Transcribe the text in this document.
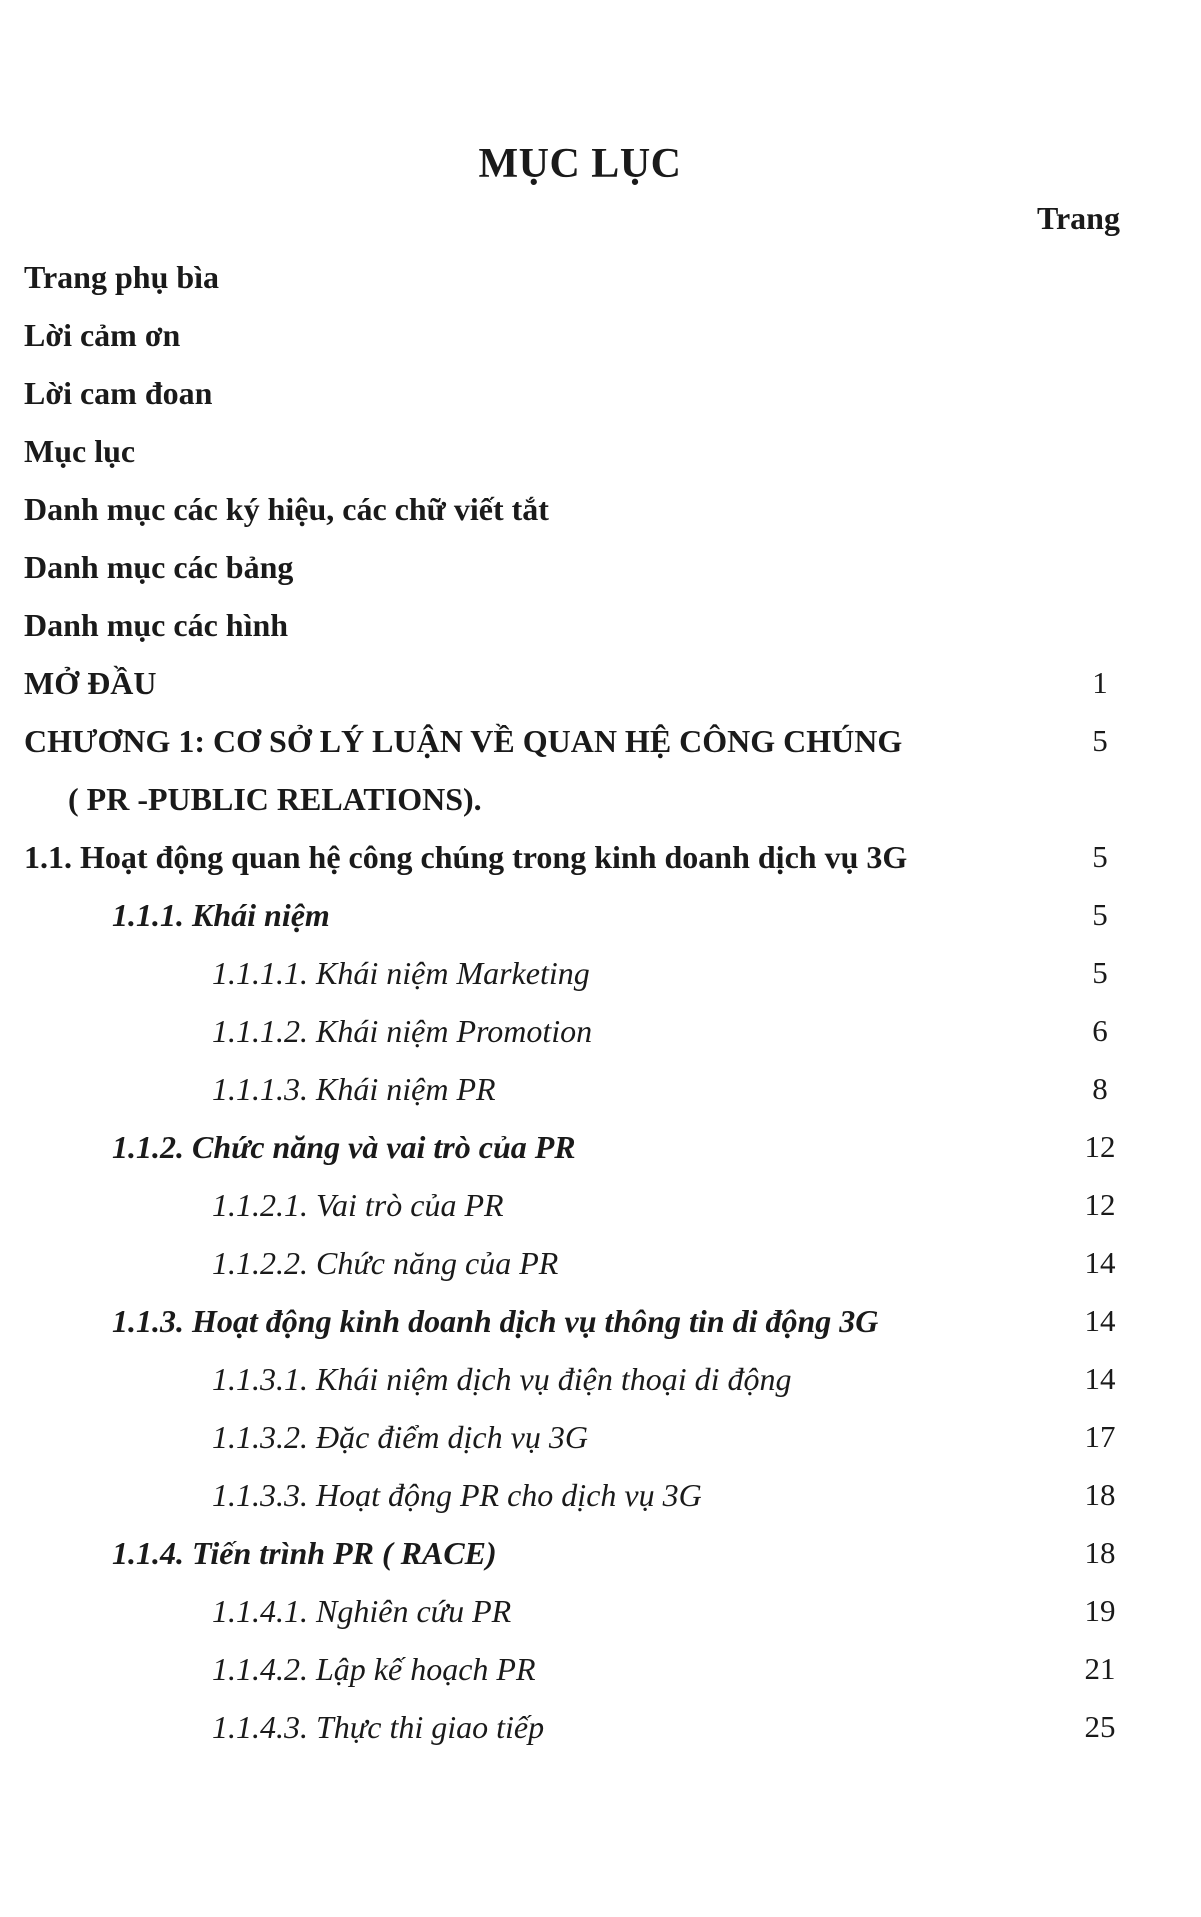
MỤC LỤC
Trang
Trang phụ bìa
Lời cảm ơn
Lời cam đoan
Mục lục
Danh mục các ký hiệu, các chữ viết tắt
Danh mục các bảng
Danh mục các hình
MỞ ĐẦU	1
CHƯƠNG 1: CƠ SỞ LÝ LUẬN VỀ QUAN HỆ CÔNG CHÚNG	5
( PR -PUBLIC RELATIONS).
1.1. Hoạt động quan hệ công chúng trong kinh doanh dịch vụ 3G	5
1.1.1. Khái niệm	5
1.1.1.1. Khái niệm Marketing	5
1.1.1.2. Khái niệm Promotion	6
1.1.1.3. Khái niệm PR	8
1.1.2. Chức năng và vai trò của PR	12
1.1.2.1. Vai trò của PR	12
1.1.2.2. Chức năng của PR	14
1.1.3. Hoạt động kinh doanh dịch vụ thông tin di động 3G	14
1.1.3.1. Khái niệm dịch vụ điện thoại di động	14
1.1.3.2. Đặc điểm dịch vụ 3G	17
1.1.3.3. Hoạt động PR cho dịch vụ 3G	18
1.1.4. Tiến trình PR ( RACE)	18
1.1.4.1. Nghiên cứu PR	19
1.1.4.2. Lập kế hoạch PR	21
1.1.4.3. Thực thi giao tiếp	25
